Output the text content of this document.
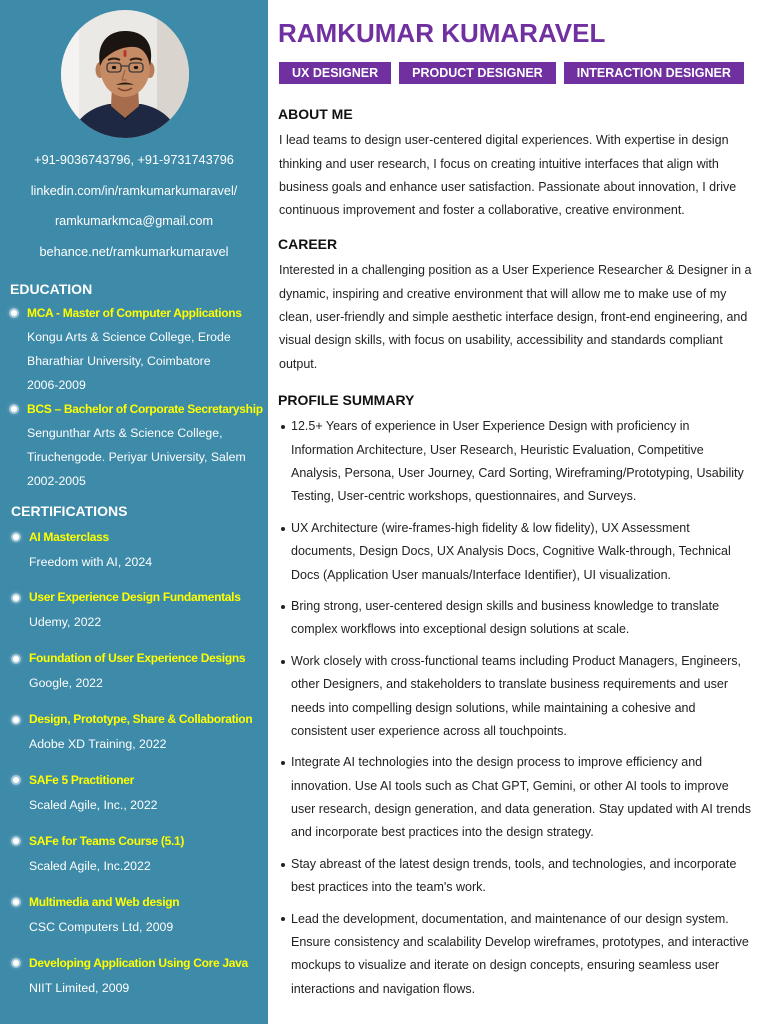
+91-9036743796, +91-9731743796
linkedin.com/in/ramkumarkumaravel/
ramkumarkmca@gmail.com
behance.net/ramkumarkumaravel
EDUCATION
MCA - Master of Computer Applications
Kongu Arts & Science College, Erode
Bharathiar University, Coimbatore
2006-2009
BCS – Bachelor of Corporate Secretaryship
Sengunthar Arts & Science College,
Tiruchengode. Periyar University, Salem
2002-2005
CERTIFICATIONS
AI Masterclass
Freedom with AI, 2024
User Experience Design Fundamentals
Udemy, 2022
Foundation of User Experience Designs
Google, 2022
Design, Prototype, Share & Collaboration
Adobe XD Training, 2022
SAFe 5 Practitioner
Scaled Agile, Inc., 2022
SAFe for Teams Course (5.1)
Scaled Agile, Inc.2022
Multimedia and Web design
CSC Computers Ltd, 2009
Developing Application Using Core Java
NIIT Limited, 2009
RAMKUMAR KUMARAVEL
UX DESIGNER	PRODUCT DESIGNER	INTERACTION DESIGNER
ABOUT ME
I lead teams to design user-centered digital experiences. With expertise in design
thinking and user research, I focus on creating intuitive interfaces that align with
business goals and enhance user satisfaction. Passionate about innovation, I drive
continuous improvement and foster a collaborative, creative environment.
CAREER
Interested in a challenging position as a User Experience Researcher & Designer in a
dynamic, inspiring and creative environment that will allow me to make use of my
clean, user-friendly and simple aesthetic interface design, front-end engineering, and
visual design skills, with focus on usability, accessibility and standards compliant
output.
PROFILE SUMMARY
12.5+ Years of experience in User Experience Design with proficiency in
Information Architecture, User Research, Heuristic Evaluation, Competitive
Analysis, Persona, User Journey, Card Sorting, Wireframing/Prototyping, Usability
Testing, User-centric workshops, questionnaires, and Surveys.
UX Architecture (wire-frames-high fidelity & low fidelity), UX Assessment
documents, Design Docs, UX Analysis Docs, Cognitive Walk-through, Technical
Docs (Application User manuals/Interface Identifier), UI visualization.
Bring strong, user-centered design skills and business knowledge to translate
complex workflows into exceptional design solutions at scale.
Work closely with cross-functional teams including Product Managers, Engineers,
other Designers, and stakeholders to translate business requirements and user
needs into compelling design solutions, while maintaining a cohesive and
consistent user experience across all touchpoints.
Integrate AI technologies into the design process to improve efficiency and
innovation. Use AI tools such as Chat GPT, Gemini, or other AI tools to improve
user research, design generation, and data generation. Stay updated with AI trends
and incorporate best practices into the design strategy.
Stay abreast of the latest design trends, tools, and technologies, and incorporate
best practices into the team's work.
Lead the development, documentation, and maintenance of our design system.
Ensure consistency and scalability Develop wireframes, prototypes, and interactive
mockups to visualize and iterate on design concepts, ensuring seamless user
interactions and navigation flows.
